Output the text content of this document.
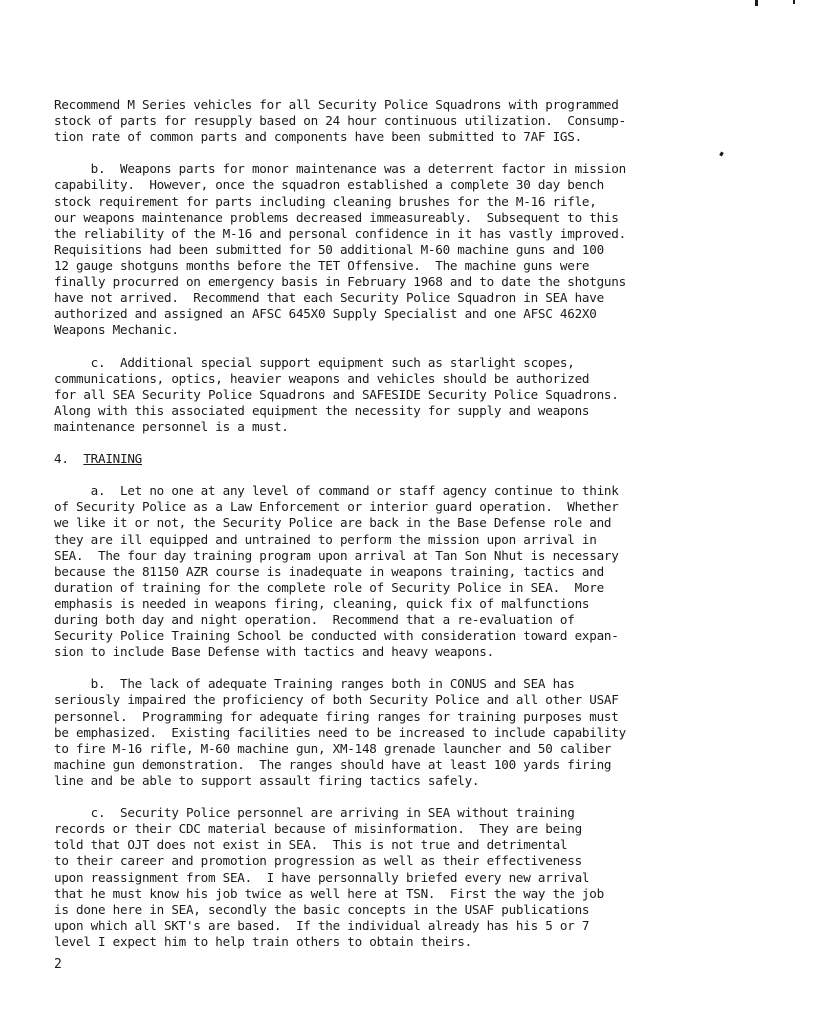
Recommend M Series vehicles for all Security Police Squadrons with programmed
stock of parts for resupply based on 24 hour continuous utilization.  Consump-
tion rate of common parts and components have been submitted to 7AF IGS.
b.  Weapons parts for monor maintenance was a deterrent factor in mission
capability.  However, once the squadron established a complete 30 day bench
stock requirement for parts including cleaning brushes for the M-16 rifle,
our weapons maintenance problems decreased immeasureably.  Subsequent to this
the reliability of the M-16 and personal confidence in it has vastly improved.
Requisitions had been submitted for 50 additional M-60 machine guns and 100
12 gauge shotguns months before the TET Offensive.  The machine guns were
finally procurred on emergency basis in February 1968 and to date the shotguns
have not arrived.  Recommend that each Security Police Squadron in SEA have
authorized and assigned an AFSC 645X0 Supply Specialist and one AFSC 462X0
Weapons Mechanic.
c.  Additional special support equipment such as starlight scopes,
communications, optics, heavier weapons and vehicles should be authorized
for all SEA Security Police Squadrons and SAFESIDE Security Police Squadrons.
Along with this associated equipment the necessity for supply and weapons
maintenance personnel is a must.
4.  TRAINING
a.  Let no one at any level of command or staff agency continue to think
of Security Police as a Law Enforcement or interior guard operation.  Whether
we like it or not, the Security Police are back in the Base Defense role and
they are ill equipped and untrained to perform the mission upon arrival in
SEA.  The four day training program upon arrival at Tan Son Nhut is necessary
because the 81150 AZR course is inadequate in weapons training, tactics and
duration of training for the complete role of Security Police in SEA.  More
emphasis is needed in weapons firing, cleaning, quick fix of malfunctions
during both day and night operation.  Recommend that a re-evaluation of
Security Police Training School be conducted with consideration toward expan-
sion to include Base Defense with tactics and heavy weapons.
b.  The lack of adequate Training ranges both in CONUS and SEA has
seriously impaired the proficiency of both Security Police and all other USAF
personnel.  Programming for adequate firing ranges for training purposes must
be emphasized.  Existing facilities need to be increased to include capability
to fire M-16 rifle, M-60 machine gun, XM-148 grenade launcher and 50 caliber
machine gun demonstration.  The ranges should have at least 100 yards firing
line and be able to support assault firing tactics safely.
c.  Security Police personnel are arriving in SEA without training
records or their CDC material because of misinformation.  They are being
told that OJT does not exist in SEA.  This is not true and detrimental
to their career and promotion progression as well as their effectiveness
upon reassignment from SEA.  I have personnally briefed every new arrival
that he must know his job twice as well here at TSN.  First the way the job
is done here in SEA, secondly the basic concepts in the USAF publications
upon which all SKT's are based.  If the individual already has his 5 or 7
level I expect him to help train others to obtain theirs.
2
